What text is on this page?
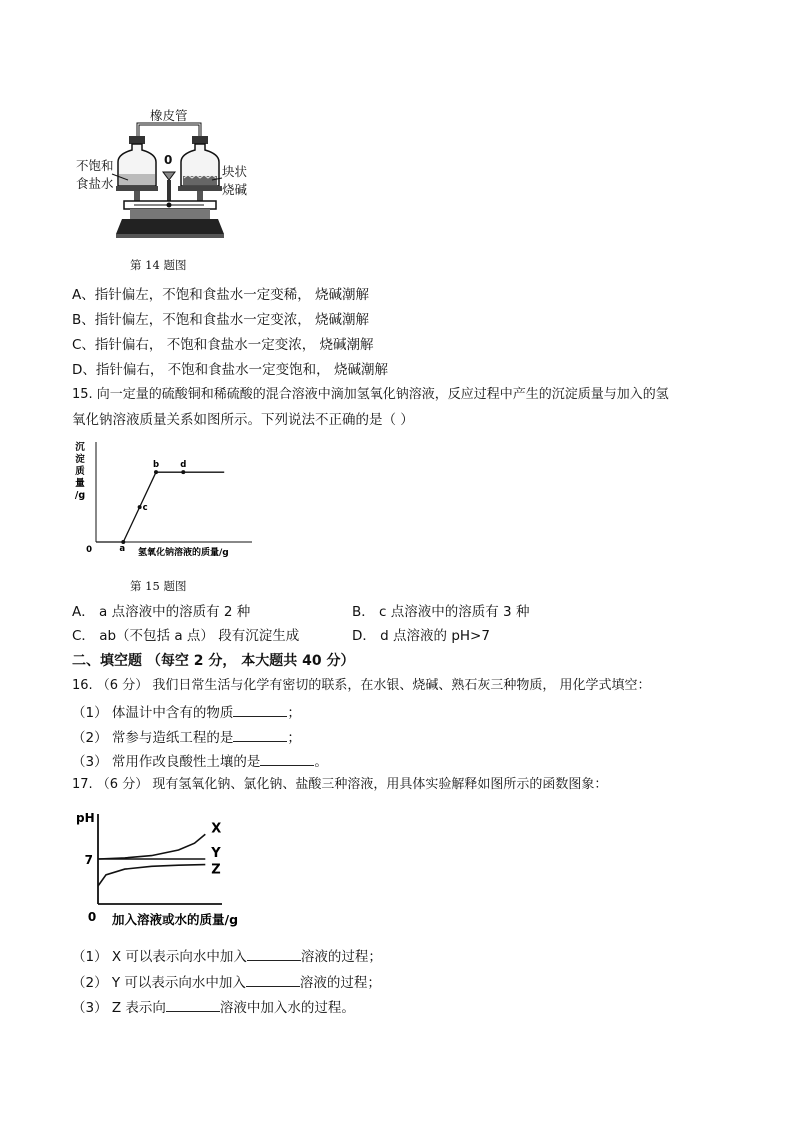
橡皮管
不饱和
食盐水
0
块状
烧碱
第 14 题图
A、指针偏左，不饱和食盐水一定变稀， 烧碱潮解
B、指针偏左，不饱和食盐水一定变浓， 烧碱潮解
C、指针偏右， 不饱和食盐水一定变浓， 烧碱潮解
D、指针偏右， 不饱和食盐水一定变饱和， 烧碱潮解
15. 向一定量的硫酸铜和稀硫酸的混合溶液中滴加氢氧化钠溶液，反应过程中产生的沉淀质量与加入的氢
氧化钠溶液质量关系如图所示。下列说法不正确的是（ ）
沉
淀
质
量
/g
0	氢氧化钠溶液的质量/g
a
c
b d
第 15 题图
A． a 点溶液中的溶质有 2 种	B． c 点溶液中的溶质有 3 种
C． ab（不包括 a 点） 段有沉淀生成	D． d 点溶液的 pH>7
二、填空题 （每空 2 分， 本大题共 40 分）
16. （6 分） 我们日常生活与化学有密切的联系，在水银、烧碱、熟石灰三种物质， 用化学式填空：
（1） 体温计中含有的物质	；
（2） 常参与造纸工程的是	；
（3） 常用作改良酸性土壤的是	。
17. （6 分） 现有氢氧化钠、氯化钠、盐酸三种溶液，用具体实验解释如图所示的函数图象：
pH
7
0 加入溶液或水的质量/g
X
Y
Z
（1） X 可以表示向水中加入	溶液的过程；
（2） Y 可以表示向水中加入	溶液的过程；
（3） Z 表示向	溶液中加入水的过程。
